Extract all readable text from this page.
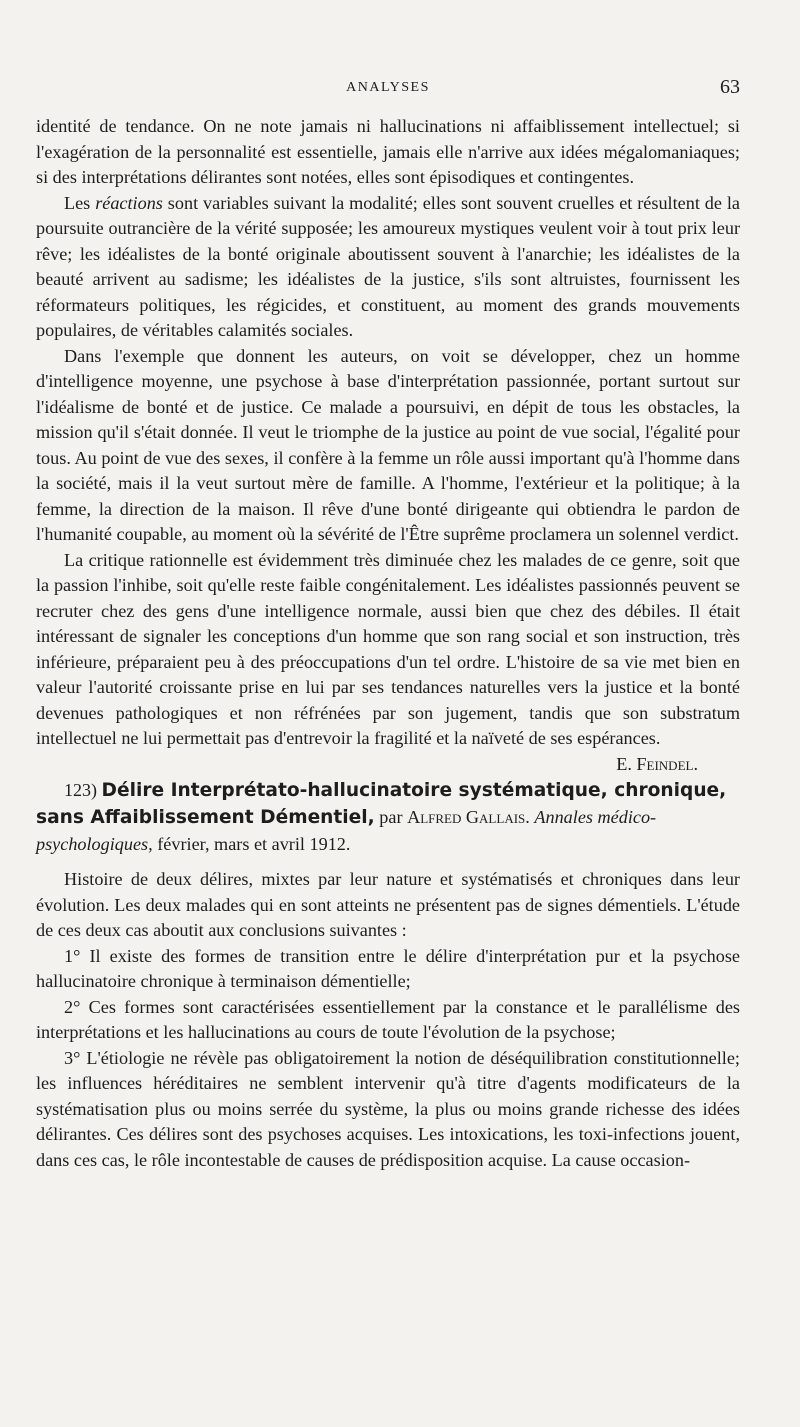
ANALYSES	63

identité de tendance. On ne note jamais ni hallucinations ni affaiblissement intellectuel; si l'exagération de la personnalité est essentielle, jamais elle n'arrive aux idées mégalomaniaques; si des interprétations délirantes sont notées, elles sont épisodiques et contingentes.

Les réactions sont variables suivant la modalité; elles sont souvent cruelles et résultent de la poursuite outrancière de la vérité supposée; les amoureux mystiques veulent voir à tout prix leur rêve; les idéalistes de la bonté originale aboutissent souvent à l'anarchie; les idéalistes de la beauté arrivent au sadisme; les idéalistes de la justice, s'ils sont altruistes, fournissent les réformateurs politiques, les régicides, et constituent, au moment des grands mouvements populaires, de véritables calamités sociales.

Dans l'exemple que donnent les auteurs, on voit se développer, chez un homme d'intelligence moyenne, une psychose à base d'interprétation passionnée, portant surtout sur l'idéalisme de bonté et de justice. Ce malade a poursuivi, en dépit de tous les obstacles, la mission qu'il s'était donnée. Il veut le triomphe de la justice au point de vue social, l'égalité pour tous. Au point de vue des sexes, il confère à la femme un rôle aussi important qu'à l'homme dans la société, mais il la veut surtout mère de famille. A l'homme, l'extérieur et la politique; à la femme, la direction de la maison. Il rêve d'une bonté dirigeante qui obtiendra le pardon de l'humanité coupable, au moment où la sévérité de l'Être suprême proclamera un solennel verdict.

La critique rationnelle est évidemment très diminuée chez les malades de ce genre, soit que la passion l'inhibe, soit qu'elle reste faible congénitalement. Les idéalistes passionnés peuvent se recruter chez des gens d'une intelligence normale, aussi bien que chez des débiles. Il était intéressant de signaler les conceptions d'un homme que son rang social et son instruction, très inférieure, préparaient peu à des préoccupations d'un tel ordre. L'histoire de sa vie met bien en valeur l'autorité croissante prise en lui par ses tendances naturelles vers la justice et la bonté devenues pathologiques et non réfrénées par son jugement, tandis que son substratum intellectuel ne lui permettait pas d'entrevoir la fragilité et la naïveté de ses espérances.

E. Feindel.

123) Délire Interprétato-hallucinatoire systématique, chronique, sans Affaiblissement Démentiel, par Alfred Gallais. Annales médico-psychologiques, février, mars et avril 1912.

Histoire de deux délires, mixtes par leur nature et systématisés et chroniques dans leur évolution. Les deux malades qui en sont atteints ne présentent pas de signes démentiels. L'étude de ces deux cas aboutit aux conclusions suivantes :

1° Il existe des formes de transition entre le délire d'interprétation pur et la psychose hallucinatoire chronique à terminaison démentielle;

2° Ces formes sont caractérisées essentiellement par la constance et le parallélisme des interprétations et les hallucinations au cours de toute l'évolution de la psychose;

3° L'étiologie ne révèle pas obligatoirement la notion de déséquilibration constitutionnelle; les influences héréditaires ne semblent intervenir qu'à titre d'agents modificateurs de la systématisation plus ou moins serrée du système, la plus ou moins grande richesse des idées délirantes. Ces délires sont des psychoses acquises. Les intoxications, les toxi-infections jouent, dans ces cas, le rôle incontestable de causes de prédisposition acquise. La cause occasion-
